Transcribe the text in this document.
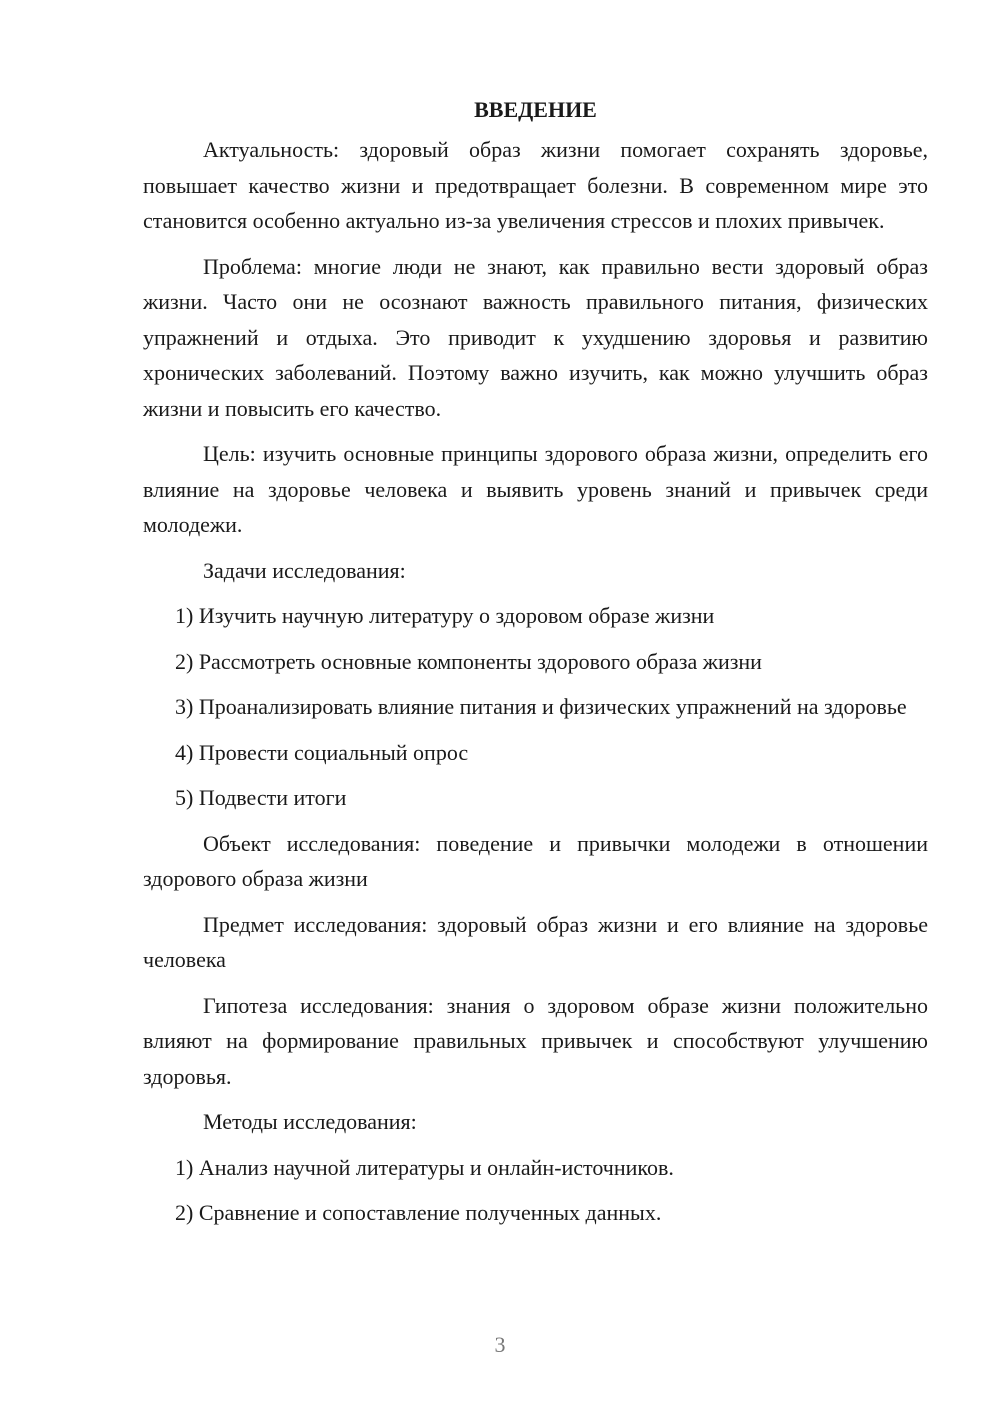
ВВЕДЕНИЕ

Актуальность: здоровый образ жизни помогает сохранять здоровье, повышает качество жизни и предотвращает болезни. В современном мире это становится особенно актуально из-за увеличения стрессов и плохих привычек.

Проблема: многие люди не знают, как правильно вести здоровый образ жизни. Часто они не осознают важность правильного питания, физических упражнений и отдыха. Это приводит к ухудшению здоровья и развитию хронических заболеваний. Поэтому важно изучить, как можно улучшить образ жизни и повысить его качество.

Цель: изучить основные принципы здорового образа жизни, определить его влияние на здоровье человека и выявить уровень знаний и привычек среди молодежи.

Задачи исследования:

1) Изучить научную литературу о здоровом образе жизни

2) Рассмотреть основные компоненты здорового образа жизни

3) Проанализировать влияние питания и физических упражнений на здоровье

4) Провести социальный опрос

5) Подвести итоги

Объект исследования: поведение и привычки молодежи в отношении здорового образа жизни

Предмет исследования: здоровый образ жизни и его влияние на здоровье человека

Гипотеза исследования: знания о здоровом образе жизни положительно влияют на формирование правильных привычек и способствуют улучшению здоровья.

Методы исследования:

1) Анализ научной литературы и онлайн-источников.

2) Сравнение и сопоставление полученных данных.

3
